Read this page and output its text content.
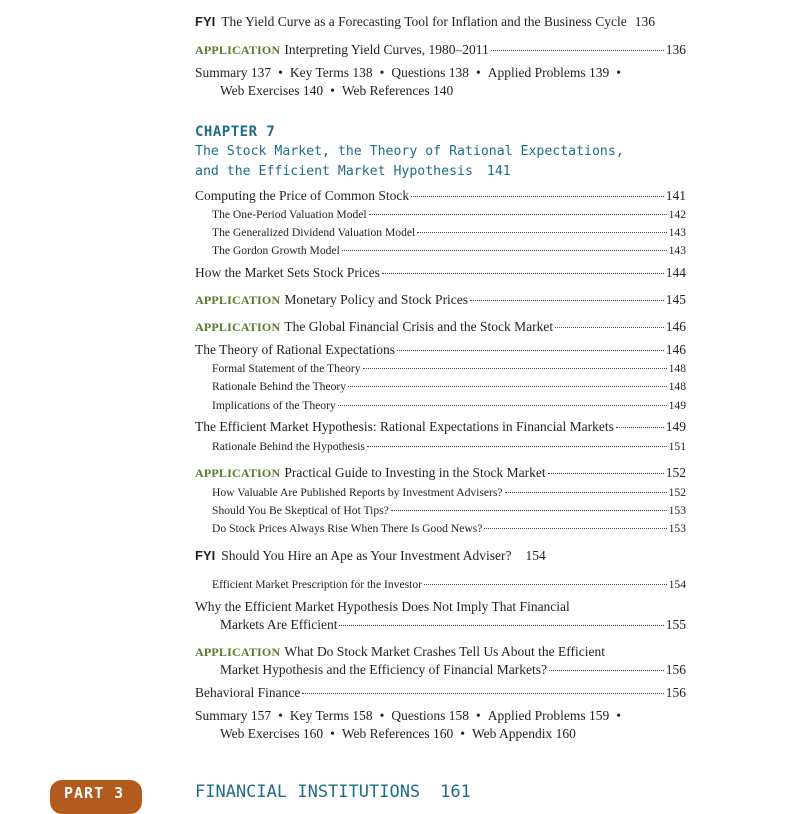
FYI The Yield Curve as a Forecasting Tool for Inflation and the Business Cycle 136
APPLICATION Interpreting Yield Curves, 1980–2011	136
Summary 137 • Key Terms 138 • Questions 138 • Applied Problems 139 •
Web Exercises 140 • Web References 140
CHAPTER 7
The Stock Market, the Theory of Rational Expectations,
and the Efficient Market Hypothesis 141
Computing the Price of Common Stock	141
The One-Period Valuation Model	142
The Generalized Dividend Valuation Model	143
The Gordon Growth Model	143
How the Market Sets Stock Prices	144
APPLICATION Monetary Policy and Stock Prices	145
APPLICATION The Global Financial Crisis and the Stock Market	146
The Theory of Rational Expectations	146
Formal Statement of the Theory	148
Rationale Behind the Theory	148
Implications of the Theory	149
The Efficient Market Hypothesis: Rational Expectations in Financial Markets	149
Rationale Behind the Hypothesis	151
APPLICATION Practical Guide to Investing in the Stock Market	152
How Valuable Are Published Reports by Investment Advisers?	152
Should You Be Skeptical of Hot Tips?	153
Do Stock Prices Always Rise When There Is Good News?	153
FYI Should You Hire an Ape as Your Investment Adviser? 154
Efficient Market Prescription for the Investor	154
Why the Efficient Market Hypothesis Does Not Imply That Financial
Markets Are Efficient	155
APPLICATION What Do Stock Market Crashes Tell Us About the Efficient
Market Hypothesis and the Efficiency of Financial Markets?	156
Behavioral Finance	156
Summary 157 • Key Terms 158 • Questions 158 • Applied Problems 159 •
Web Exercises 160 • Web References 160 • Web Appendix 160
PART 3	FINANCIAL INSTITUTIONS 161
